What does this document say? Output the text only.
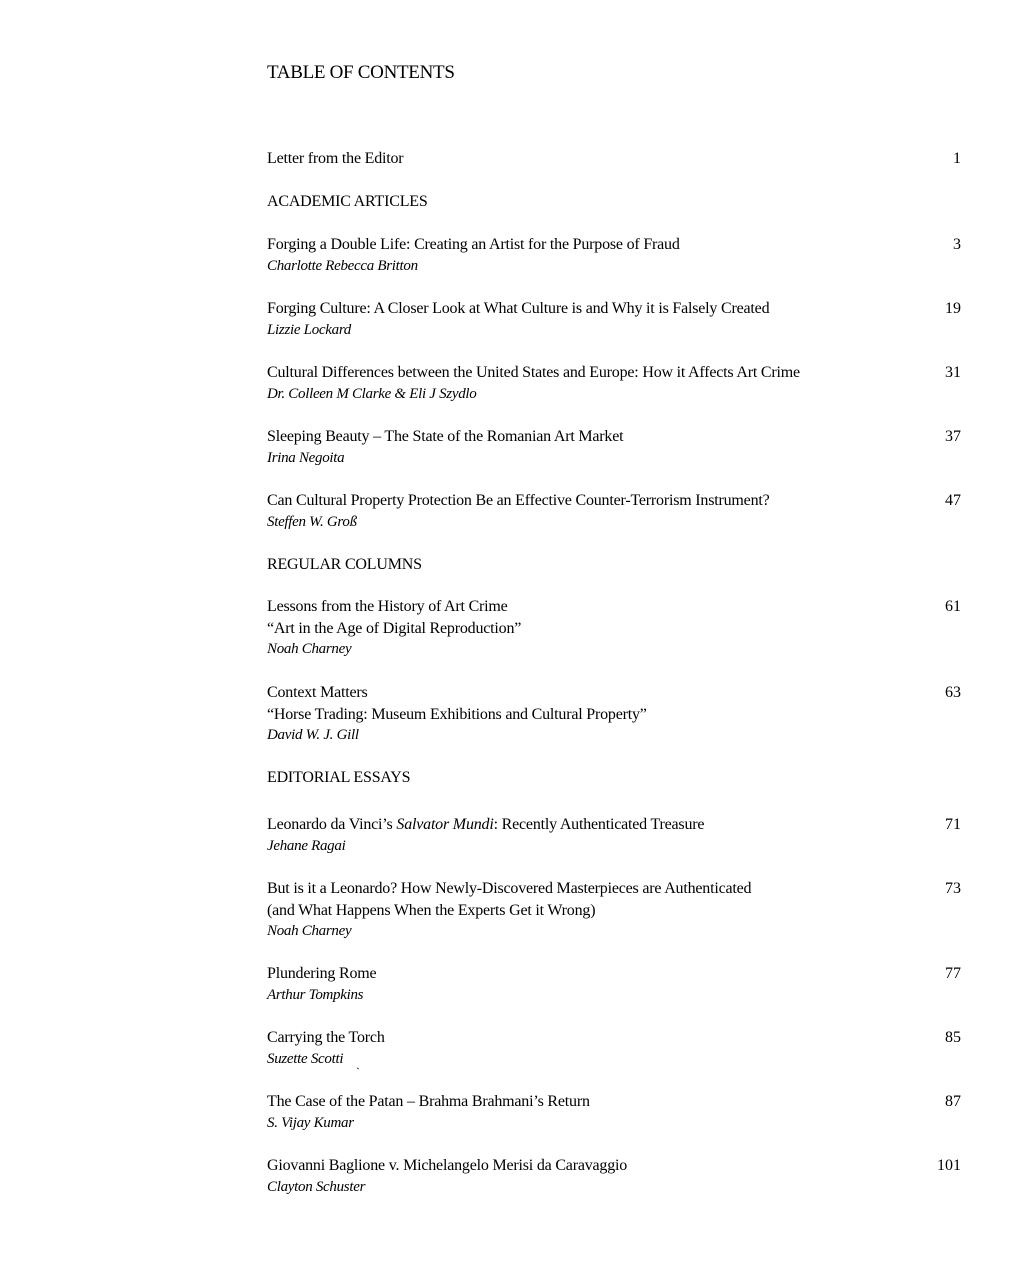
TABLE OF CONTENTS
Letter from the Editor	1
ACADEMIC ARTICLES
Forging a Double Life: Creating an Artist for the Purpose of Fraud
Charlotte Rebecca Britton
3
Forging Culture: A Closer Look at What Culture is and Why it is Falsely Created
Lizzie Lockard
19
Cultural Differences between the United States and Europe: How it Affects Art Crime
Dr. Colleen M Clarke & Eli J Szydlo
31
Sleeping Beauty – The State of the Romanian Art Market
Irina Negoita
37
Can Cultural Property Protection Be an Effective Counter-Terrorism Instrument?
Steffen W. Groß
47
REGULAR COLUMNS
Lessons from the History of Art Crime
“Art in the Age of Digital Reproduction”
Noah Charney
61
Context Matters
“Horse Trading: Museum Exhibitions and Cultural Property”
David W. J. Gill
63
EDITORIAL ESSAYS
Leonardo da Vinci’s Salvator Mundi: Recently Authenticated Treasure
Jehane Ragai
71
But is it a Leonardo? How Newly-Discovered Masterpieces are Authenticated
(and What Happens When the Experts Get it Wrong)
Noah Charney
73
Plundering Rome
Arthur Tompkins
77
Carrying the Torch
Suzette Scotti
85
`
The Case of the Patan – Brahma Brahmani’s Return
S. Vijay Kumar
87
Giovanni Baglione v. Michelangelo Merisi da Caravaggio
Clayton Schuster
101
